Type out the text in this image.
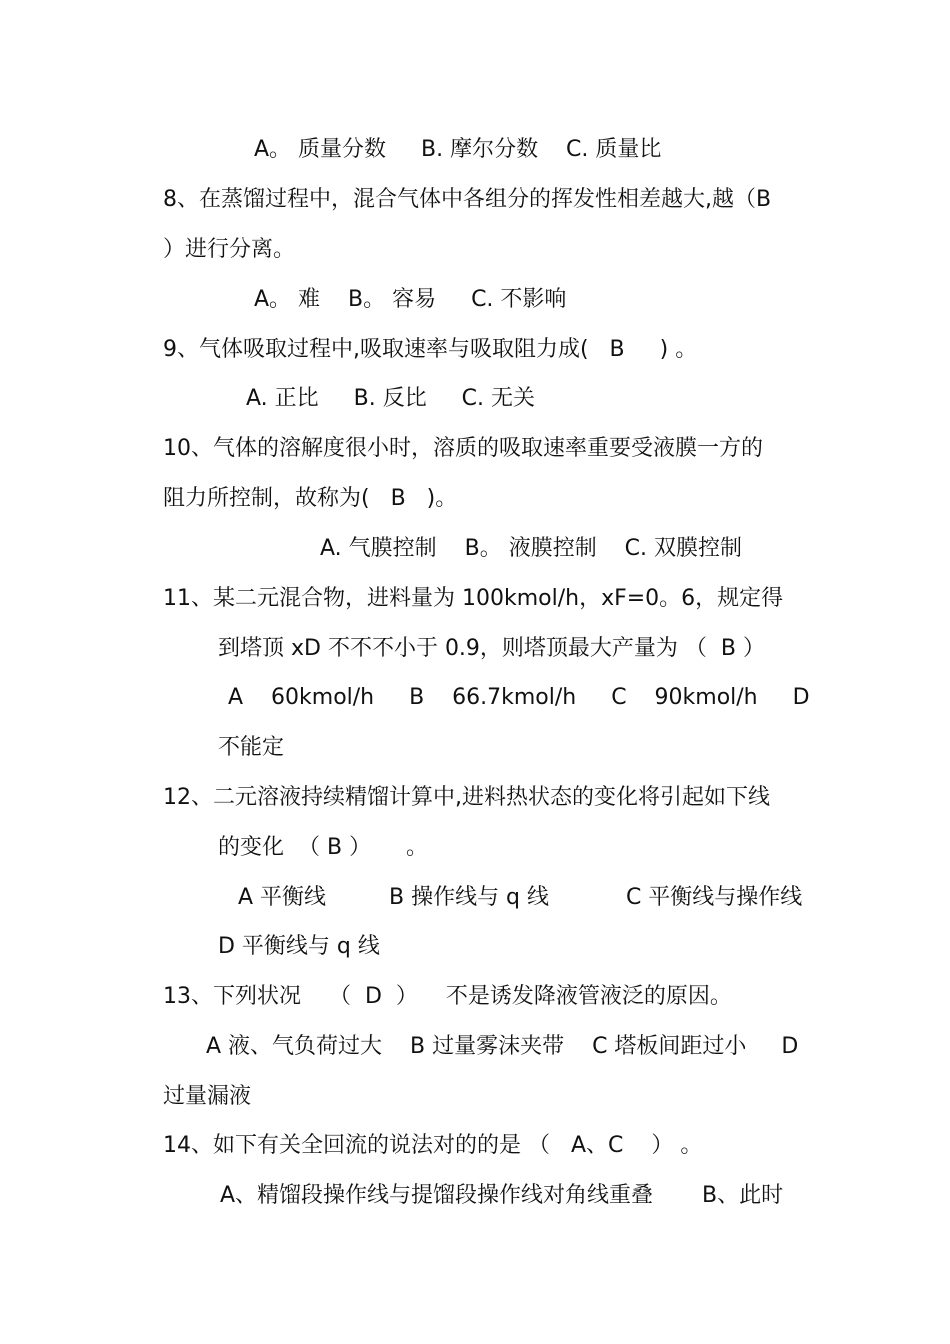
A。 质量分数     B. 摩尔分数    C. 质量比
8、在蒸馏过程中，混合气体中各组分的挥发性相差越大,越（B
）进行分离。
A。 难    B。 容易     C. 不影响
9、气体吸取过程中,吸取速率与吸取阻力成(   B     ) 。
A. 正比     B. 反比     C. 无关
10、气体的溶解度很小时，溶质的吸取速率重要受液膜一方的
阻力所控制，故称为(   B   )。
A. 气膜控制    B。 液膜控制    C. 双膜控制
11、某二元混合物，进料量为 100kmol/h，xF=0。6，规定得
到塔顶 xD 不不不小于 0.9，则塔顶最大产量为 （  B ）
A    60kmol/h     B    66.7kmol/h     C    90kmol/h     D
不能定
12、二元溶液持续精馏计算中,进料热状态的变化将引起如下线
的变化  （ B ）     。
A 平衡线         B 操作线与 q 线           C 平衡线与操作线
D 平衡线与 q 线
13、下列状况    （  D  ）    不是诱发降液管液泛的原因。
A 液、气负荷过大    B 过量雾沫夹带    C 塔板间距过小     D
过量漏液
14、如下有关全回流的说法对的的是 （   A、C    ） 。
A、精馏段操作线与提馏段操作线对角线重叠       B、此时
